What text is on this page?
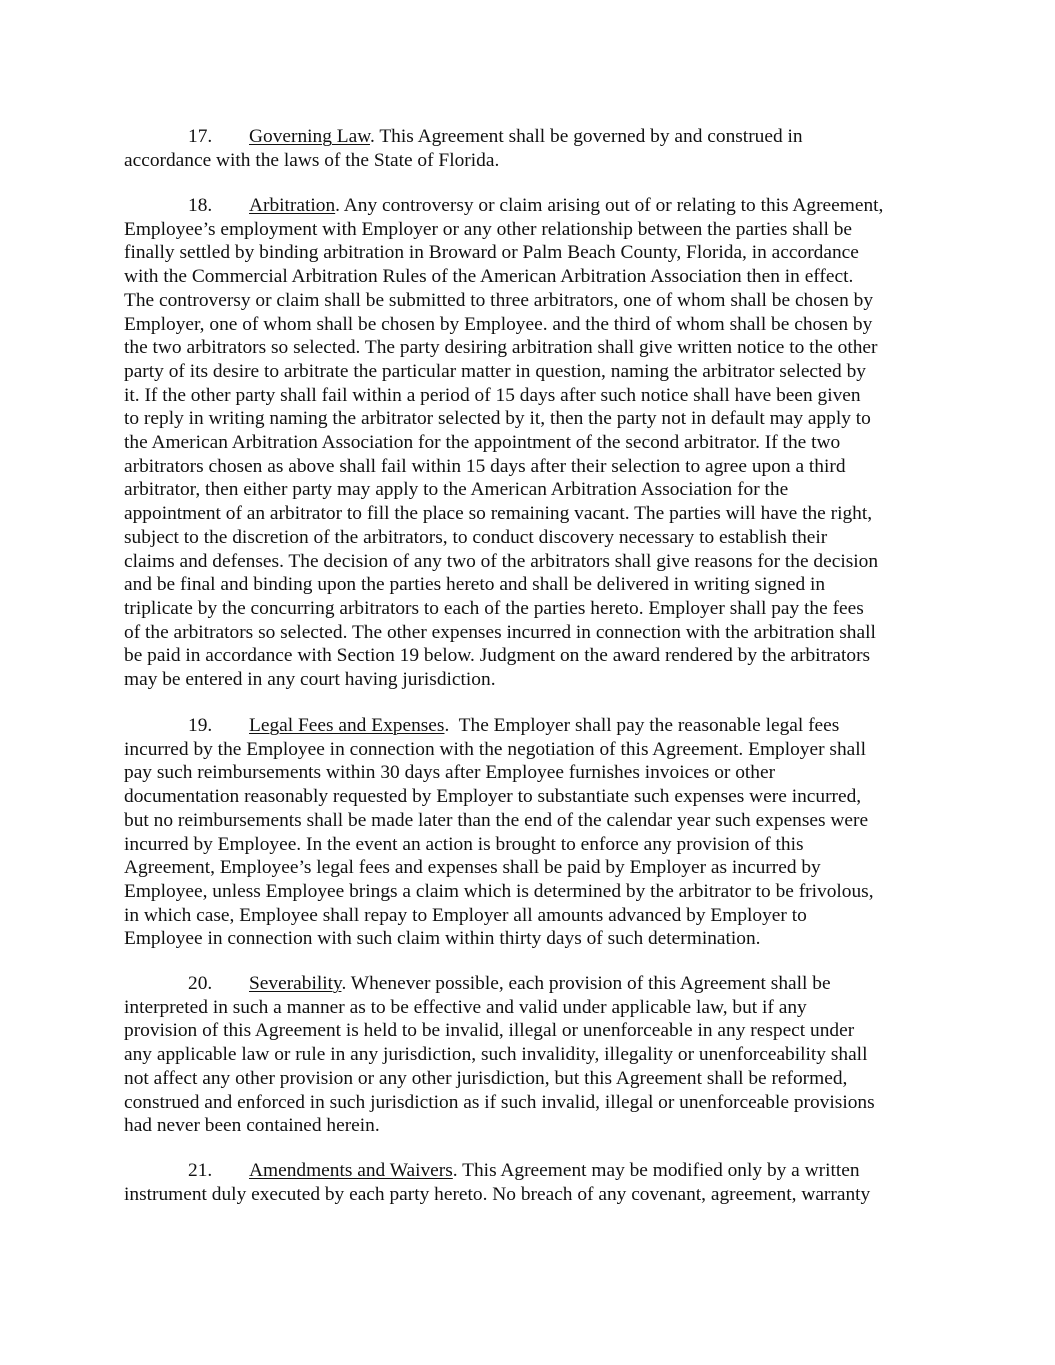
17. Governing Law. This Agreement shall be governed by and construed in
accordance with the laws of the State of Florida.
18. Arbitration. Any controversy or claim arising out of or relating to this Agreement,
Employee’s employment with Employer or any other relationship between the parties shall be
finally settled by binding arbitration in Broward or Palm Beach County, Florida, in accordance
with the Commercial Arbitration Rules of the American Arbitration Association then in effect.
The controversy or claim shall be submitted to three arbitrators, one of whom shall be chosen by
Employer, one of whom shall be chosen by Employee. and the third of whom shall be chosen by
the two arbitrators so selected. The party desiring arbitration shall give written notice to the other
party of its desire to arbitrate the particular matter in question, naming the arbitrator selected by
it. If the other party shall fail within a period of 15 days after such notice shall have been given
to reply in writing naming the arbitrator selected by it, then the party not in default may apply to
the American Arbitration Association for the appointment of the second arbitrator. If the two
arbitrators chosen as above shall fail within 15 days after their selection to agree upon a third
arbitrator, then either party may apply to the American Arbitration Association for the
appointment of an arbitrator to fill the place so remaining vacant. The parties will have the right,
subject to the discretion of the arbitrators, to conduct discovery necessary to establish their
claims and defenses. The decision of any two of the arbitrators shall give reasons for the decision
and be final and binding upon the parties hereto and shall be delivered in writing signed in
triplicate by the concurring arbitrators to each of the parties hereto. Employer shall pay the fees
of the arbitrators so selected. The other expenses incurred in connection with the arbitration shall
be paid in accordance with Section 19 below. Judgment on the award rendered by the arbitrators
may be entered in any court having jurisdiction.
19. Legal Fees and Expenses.  The Employer shall pay the reasonable legal fees
incurred by the Employee in connection with the negotiation of this Agreement. Employer shall
pay such reimbursements within 30 days after Employee furnishes invoices or other
documentation reasonably requested by Employer to substantiate such expenses were incurred,
but no reimbursements shall be made later than the end of the calendar year such expenses were
incurred by Employee. In the event an action is brought to enforce any provision of this
Agreement, Employee’s legal fees and expenses shall be paid by Employer as incurred by
Employee, unless Employee brings a claim which is determined by the arbitrator to be frivolous,
in which case, Employee shall repay to Employer all amounts advanced by Employer to
Employee in connection with such claim within thirty days of such determination.
20. Severability. Whenever possible, each provision of this Agreement shall be
interpreted in such a manner as to be effective and valid under applicable law, but if any
provision of this Agreement is held to be invalid, illegal or unenforceable in any respect under
any applicable law or rule in any jurisdiction, such invalidity, illegality or unenforceability shall
not affect any other provision or any other jurisdiction, but this Agreement shall be reformed,
construed and enforced in such jurisdiction as if such invalid, illegal or unenforceable provisions
had never been contained herein.
21. Amendments and Waivers. This Agreement may be modified only by a written
instrument duly executed by each party hereto. No breach of any covenant, agreement, warranty
